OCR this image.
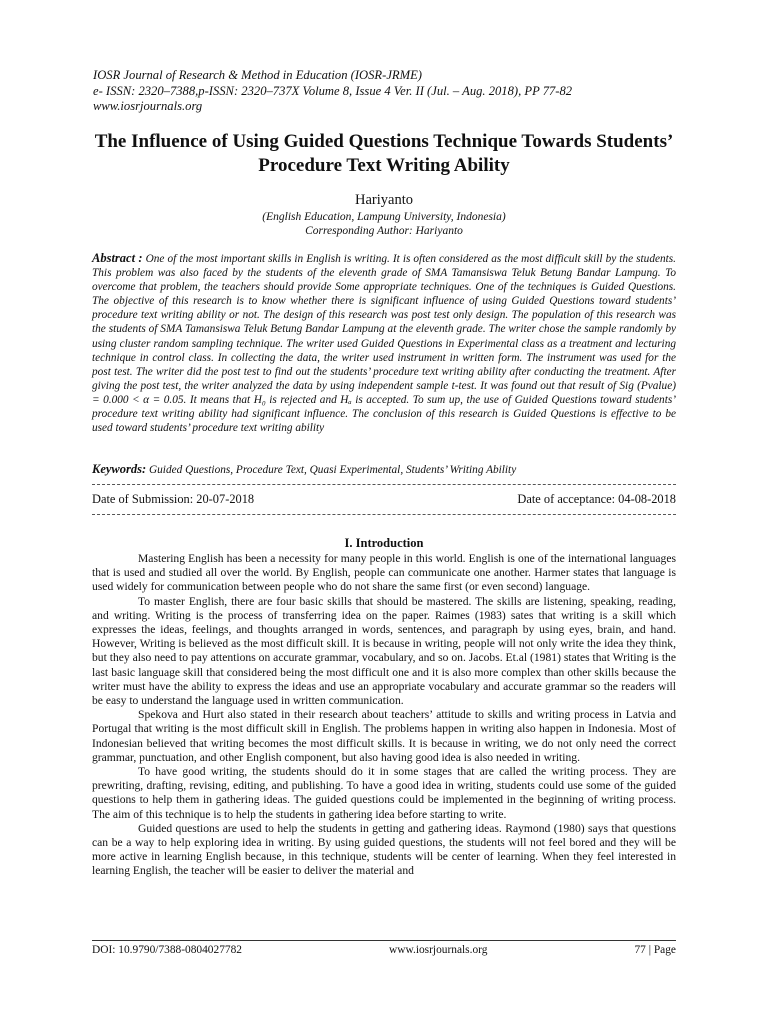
IOSR Journal of Research & Method in Education (IOSR-JRME)
e- ISSN: 2320–7388,p-ISSN: 2320–737X Volume 8, Issue 4 Ver. II (Jul. – Aug. 2018), PP 77-82
www.iosrjournals.org
The Influence of Using Guided Questions Technique Towards Students’ Procedure Text Writing Ability
Hariyanto
(English Education, Lampung University, Indonesia)
Corresponding Author: Hariyanto
Abstract : One of the most important skills in English is writing. It is often considered as the most difficult skill by the students. This problem was also faced by the students of the eleventh grade of SMA Tamansiswa Teluk Betung Bandar Lampung. To overcome that problem, the teachers should provide Some appropriate techniques. One of the techniques is Guided Questions. The objective of this research is to know whether there is significant influence of using Guided Questions toward students’ procedure text writing ability or not. The design of this research was post test only design. The population of this research was the students of SMA Tamansiswa Teluk Betung Bandar Lampung at the eleventh grade. The writer chose the sample randomly by using cluster random sampling technique. The writer used Guided Questions in Experimental class as a treatment and lecturing technique in control class. In collecting the data, the writer used instrument in written form. The instrument was used for the post test. The writer did the post test to find out the students’ procedure text writing ability after conducting the treatment. After giving the post test, the writer analyzed the data by using independent sample t-test. It was found out that result of Sig (Pvalue) = 0.000 < α = 0.05. It means that H₀ is rejected and Hₐ is accepted. To sum up, the use of Guided Questions toward students’ procedure text writing ability had significant influence. The conclusion of this research is Guided Questions is effective to be used toward students’ procedure text writing ability
Keywords: Guided Questions, Procedure Text, Quasi Experimental, Students’ Writing Ability
Date of Submission: 20-07-2018	Date of acceptance: 04-08-2018
I. Introduction

Mastering English has been a necessity for many people in this world. English is one of the international languages that is used and studied all over the world. By English, people can communicate one another. Harmer states that language is used widely for communication between people who do not share the same first (or even second) language.

To master English, there are four basic skills that should be mastered. The skills are listening, speaking, reading, and writing. Writing is the process of transferring idea on the paper. Raimes (1983) sates that writing is a skill which expresses the ideas, feelings, and thoughts arranged in words, sentences, and paragraph by using eyes, brain, and hand. However, Writing is believed as the most difficult skill. It is because in writing, people will not only write the idea they think, but they also need to pay attentions on accurate grammar, vocabulary, and so on. Jacobs. Et.al (1981) states that Writing is the last basic language skill that considered being the most difficult one and it is also more complex than other skills because the writer must have the ability to express the ideas and use an appropriate vocabulary and accurate grammar so the readers will be easy to understand the language used in written communication.

Spekova and Hurt also stated in their research about teachers’ attitude to skills and writing process in Latvia and Portugal that writing is the most difficult skill in English. The problems happen in writing also happen in Indonesia. Most of Indonesian believed that writing becomes the most difficult skills. It is because in writing, we do not only need the correct grammar, punctuation, and other English component, but also having good idea is also needed in writing.

To have good writing, the students should do it in some stages that are called the writing process. They are prewriting, drafting, revising, editing, and publishing. To have a good idea in writing, students could use some of the guided questions to help them in gathering ideas. The guided questions could be implemented in the beginning of writing process. The aim of this technique is to help the students in gathering idea before starting to write.

Guided questions are used to help the students in getting and gathering ideas. Raymond (1980) says that questions can be a way to help exploring idea in writing. By using guided questions, the students will not feel bored and they will be more active in learning English because, in this technique, students will be center of learning. When they feel interested in learning English, the teacher will be easier to deliver the material and

DOI: 10.9790/7388-0804027782	www.iosrjournals.org	77 | Page
